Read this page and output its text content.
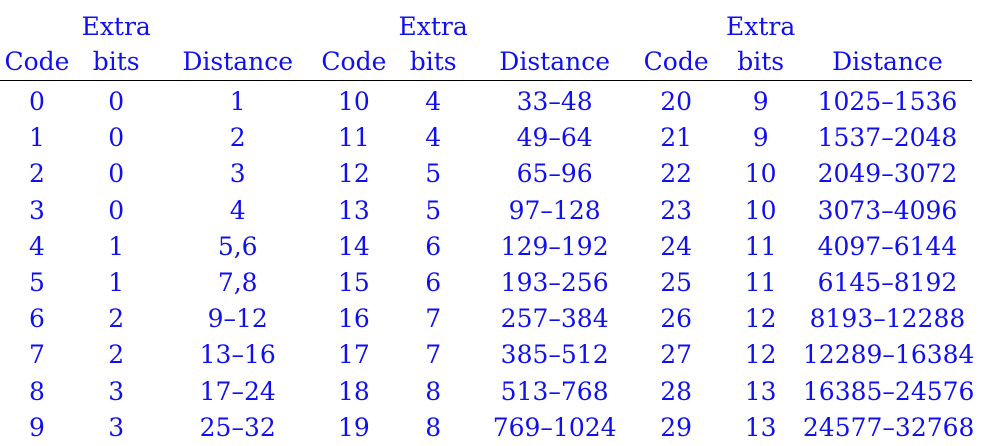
	Extra			Extra			Extra	
Code	bits	Distance	Code	bits	Distance	Code	bits	Distance
0	0	1	10	4	33–48	20	9	1025–1536
1	0	2	11	4	49–64	21	9	1537–2048
2	0	3	12	5	65–96	22	10	2049–3072
3	0	4	13	5	97–128	23	10	3073–4096
4	1	5,6	14	6	129–192	24	11	4097–6144
5	1	7,8	15	6	193–256	25	11	6145–8192
6	2	9–12	16	7	257–384	26	12	8193–12288
7	2	13–16	17	7	385–512	27	12	12289–16384
8	3	17–24	18	8	513–768	28	13	16385–24576
9	3	25–32	19	8	769–1024	29	13	24577–32768
